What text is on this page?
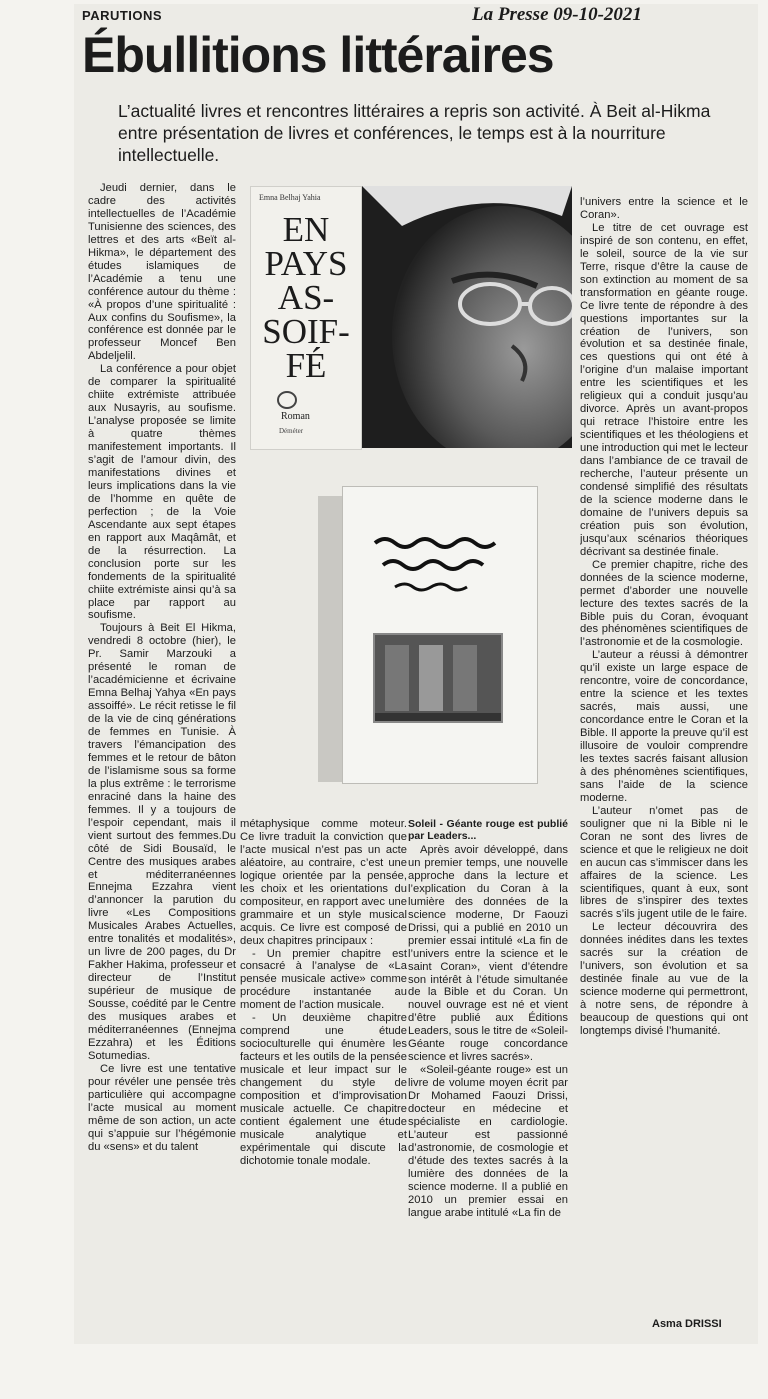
PARUTIONS	La Presse 09-10-2021
Ébullitions littéraires
L’actualité livres et rencontres littéraires a repris son activité. À Beit al-Hikma entre présentation de livres et conférences, le temps est à la nourriture intellectuelle.
Emna Belhaj Yahia
EN PAYS AS- SOIF- FÉ
Roman
Déméter

Jeudi dernier, dans le cadre des activités intellectuelles de l’Académie Tunisienne des sciences, des lettres et des arts «Beït al-Hikma», le département des études islamiques de l’Académie a tenu une conférence autour du thème : «À propos d’une spiritualité : Aux confins du Soufisme», la conférence est donnée par le professeur Moncef Ben Abdeljelil.

La conférence a pour objet de comparer la spiritualité chiite extrémiste attribuée aux Nusayris, au soufisme. L’analyse proposée se limite à quatre thèmes manifestement importants. Il s’agit de l’amour divin, des manifestations divines et leurs implications dans la vie de l’homme en quête de perfection ; de la Voie Ascendante aux sept étapes en rapport aux Maqâmât, et de la résurrection. La conclusion porte sur les fondements de la spiritualité chiite extrémiste ainsi qu’à sa place par rapport au soufisme.

Toujours à Beit El Hikma, vendredi 8 octobre (hier), le Pr. Samir Marzouki a présenté le roman de l’académicienne et écrivaine Emna Belhaj Yahya «En pays assoiffé». Le récit retisse le fil de la vie de cinq générations de femmes en Tunisie. À travers l’émancipation des femmes et le retour de bâton de l’islamisme sous sa forme la plus extrême : le terrorisme enraciné dans la haine des femmes. Il y a toujours de l’espoir cependant, mais il vient surtout des femmes.Du côté de Sidi Bousaïd, le Centre des musiques arabes et méditerranéennes Ennejma Ezzahra vient d’annoncer la parution du livre «Les Compositions Musicales Arabes Actuelles, entre tonalités et modalités», un livre de 200 pages, du Dr Fakher Hakima, professeur et directeur de l’Institut supérieur de musique de Sousse, coédité par le Centre des musiques arabes et méditerranéennes (Ennejma Ezzahra) et les Éditions Sotumedias.

Ce livre est une tentative pour révéler une pensée très particulière qui accompagne l’acte musical au moment même de son action, un acte qui s’appuie sur l’hégémonie du «sens» et du talent

métaphysique comme moteur. Ce livre traduit la conviction que l’acte musical n’est pas un acte aléatoire, au contraire, c’est une logique orientée par la pensée, les choix et les orientations du compositeur, en rapport avec une grammaire et un style musical acquis. Ce livre est composé de deux chapitres principaux :

- Un premier chapitre est consacré à l’analyse de «La pensée musicale active» comme procédure instantanée au moment de l’action musicale.

- Un deuxième chapitre comprend une étude socioculturelle qui énumère les facteurs et les outils de la pensée musicale et leur impact sur le changement du style de composition et d’improvisation musicale actuelle. Ce chapitre contient également une étude musicale analytique et expérimentale qui discute la dichotomie tonale modale.

Soleil - Géante rouge est publié par Leaders...

Après avoir développé, dans un premier temps, une nouvelle approche dans la lecture et l’explication du Coran à la lumière des données de la science moderne, Dr Faouzi Drissi, qui a publié en 2010 un premier essai intitulé «La fin de l’univers entre la science et le saint Coran», vient d’étendre son intérêt à l’étude simultanée de la Bible et du Coran. Un nouvel ouvrage est né et vient d’être publié aux Éditions Leaders, sous le titre de «Soleil-Géante rouge concordance science et livres sacrés».

«Soleil-géante rouge» est un livre de volume moyen écrit par Dr Mohamed Faouzi Drissi, docteur en médecine et spécialiste en cardiologie. L’auteur est passionné d’astronomie, de cosmologie et d’étude des textes sacrés à la lumière des données de la science moderne. Il a publié en 2010 un premier essai en langue arabe intitulé «La fin de

l’univers entre la science et le Coran».

Le titre de cet ouvrage est inspiré de son contenu, en effet, le soleil, source de la vie sur Terre, risque d’être la cause de son extinction au moment de sa transformation en géante rouge. Ce livre tente de répondre à des questions importantes sur la création de l’univers, son évolution et sa destinée finale, ces questions qui ont été à l’origine d’un malaise important entre les scientifiques et les religieux qui a conduit jusqu’au divorce. Après un avant-propos qui retrace l’histoire entre les scientifiques et les théologiens et une introduction qui met le lecteur dans l’ambiance de ce travail de recherche, l’auteur présente un condensé simplifié des résultats de la science moderne dans le domaine de l’univers depuis sa création puis son évolution, jusqu’aux scénarios théoriques décrivant sa destinée finale.

Ce premier chapitre, riche des données de la science moderne, permet d’aborder une nouvelle lecture des textes sacrés de la Bible puis du Coran, évoquant des phénomènes scientifiques de l’astronomie et de la cosmologie.

L’auteur a réussi à démontrer qu’il existe un large espace de rencontre, voire de concordance, entre la science et les textes sacrés, mais aussi, une concordance entre le Coran et la Bible. Il apporte la preuve qu’il est illusoire de vouloir comprendre les textes sacrés faisant allusion à des phénomènes scientifiques, sans l’aide de la science moderne.

L’auteur n’omet pas de souligner que ni la Bible ni le Coran ne sont des livres de science et que le religieux ne doit en aucun cas s’immiscer dans les affaires de la science. Les scientifiques, quant à eux, sont libres de s’inspirer des textes sacrés s’ils jugent utile de le faire.

Le lecteur découvrira des données inédites dans les textes sacrés sur la création de l’univers, son évolution et sa destinée finale au vue de la science moderne qui permettront, à notre sens, de répondre à beaucoup de questions qui ont longtemps divisé l’humanité.

Asma DRISSI
